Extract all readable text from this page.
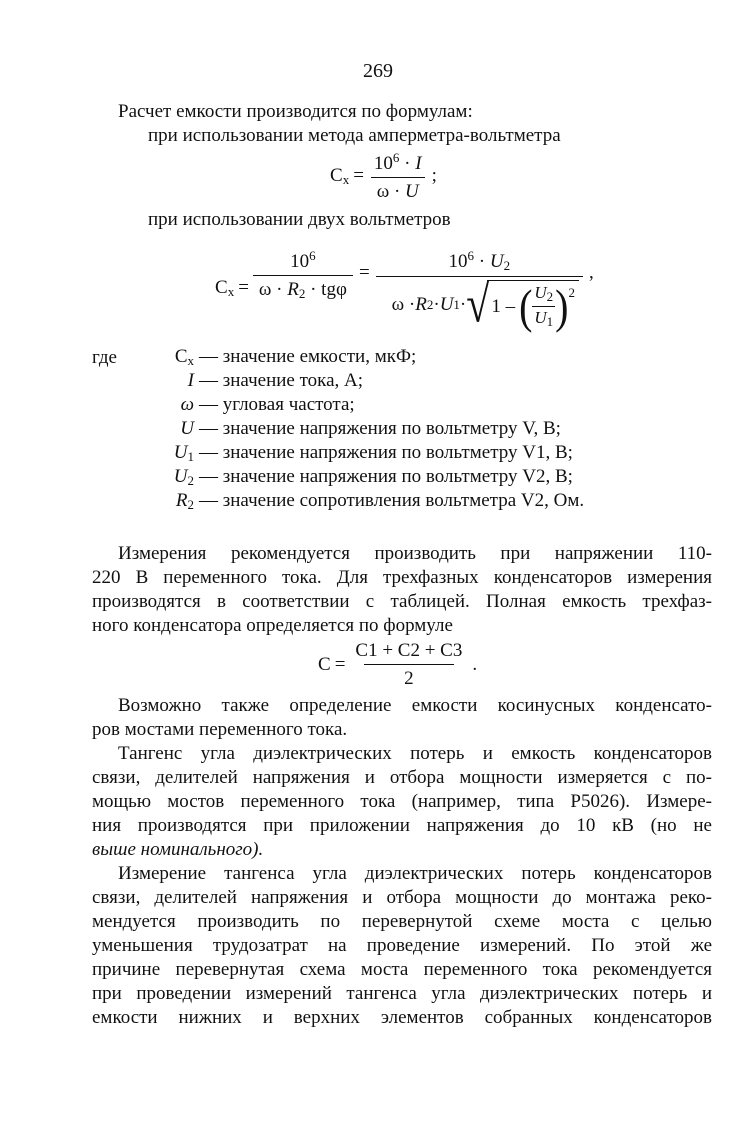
269
Расчет емкости производится по формулам:
при использовании метода амперметра-вольтметра
$C_x = \frac{10^6 \cdot I}{\omega \cdot U}$ ;
при использовании двух вольтметров
$C_x = \frac{10^6}{\omega \cdot R_2 \cdot tg\varphi}$ =
$10^6 \cdot U_2$
ω · R 2 · U 1 · √ 1 – ( $\frac{U_2}{U_1}$ ) 2
,
где	$C_x$ — значение емкости, мкФ;
I — значение тока, А;
ω — угловая частота;
U — значение напряжения по вольтметру V, В;
$U_1$ — значение напряжения по вольтметру V1, В;
$U_2$ — значение напряжения по вольтметру V2, В;
$R_2$ — значение сопротивления вольтметра V2, Ом.
Измерения рекомендуется производить при напряжении 110-
220 В переменного тока. Для трехфазных конденсаторов измерения
производятся в соответствии с таблицей. Полная емкость трехфаз-
ного конденсатора определяется по формуле
$C = \frac{C1 + C2 + C3}{2}$ .
Возможно также определение емкости косинусных конденсато-
ров мостами переменного тока.
Тангенс угла диэлектрических потерь и емкость конденсаторов
связи, делителей напряжения и отбора мощности измеряется с по-
мощью мостов переменного тока (например, типа Р5026). Измере-
ния производятся при приложении напряжения до 10 кВ (но не
выше номинального).
Измерение тангенса угла диэлектрических потерь конденсаторов
связи, делителей напряжения и отбора мощности до монтажа реко-
мендуется производить по перевернутой схеме моста с целью
уменьшения трудозатрат на проведение измерений. По этой же
причине перевернутая схема моста переменного тока рекомендуется
при проведении измерений тангенса угла диэлектрических потерь и
емкости нижних и верхних элементов собранных конденсаторов
